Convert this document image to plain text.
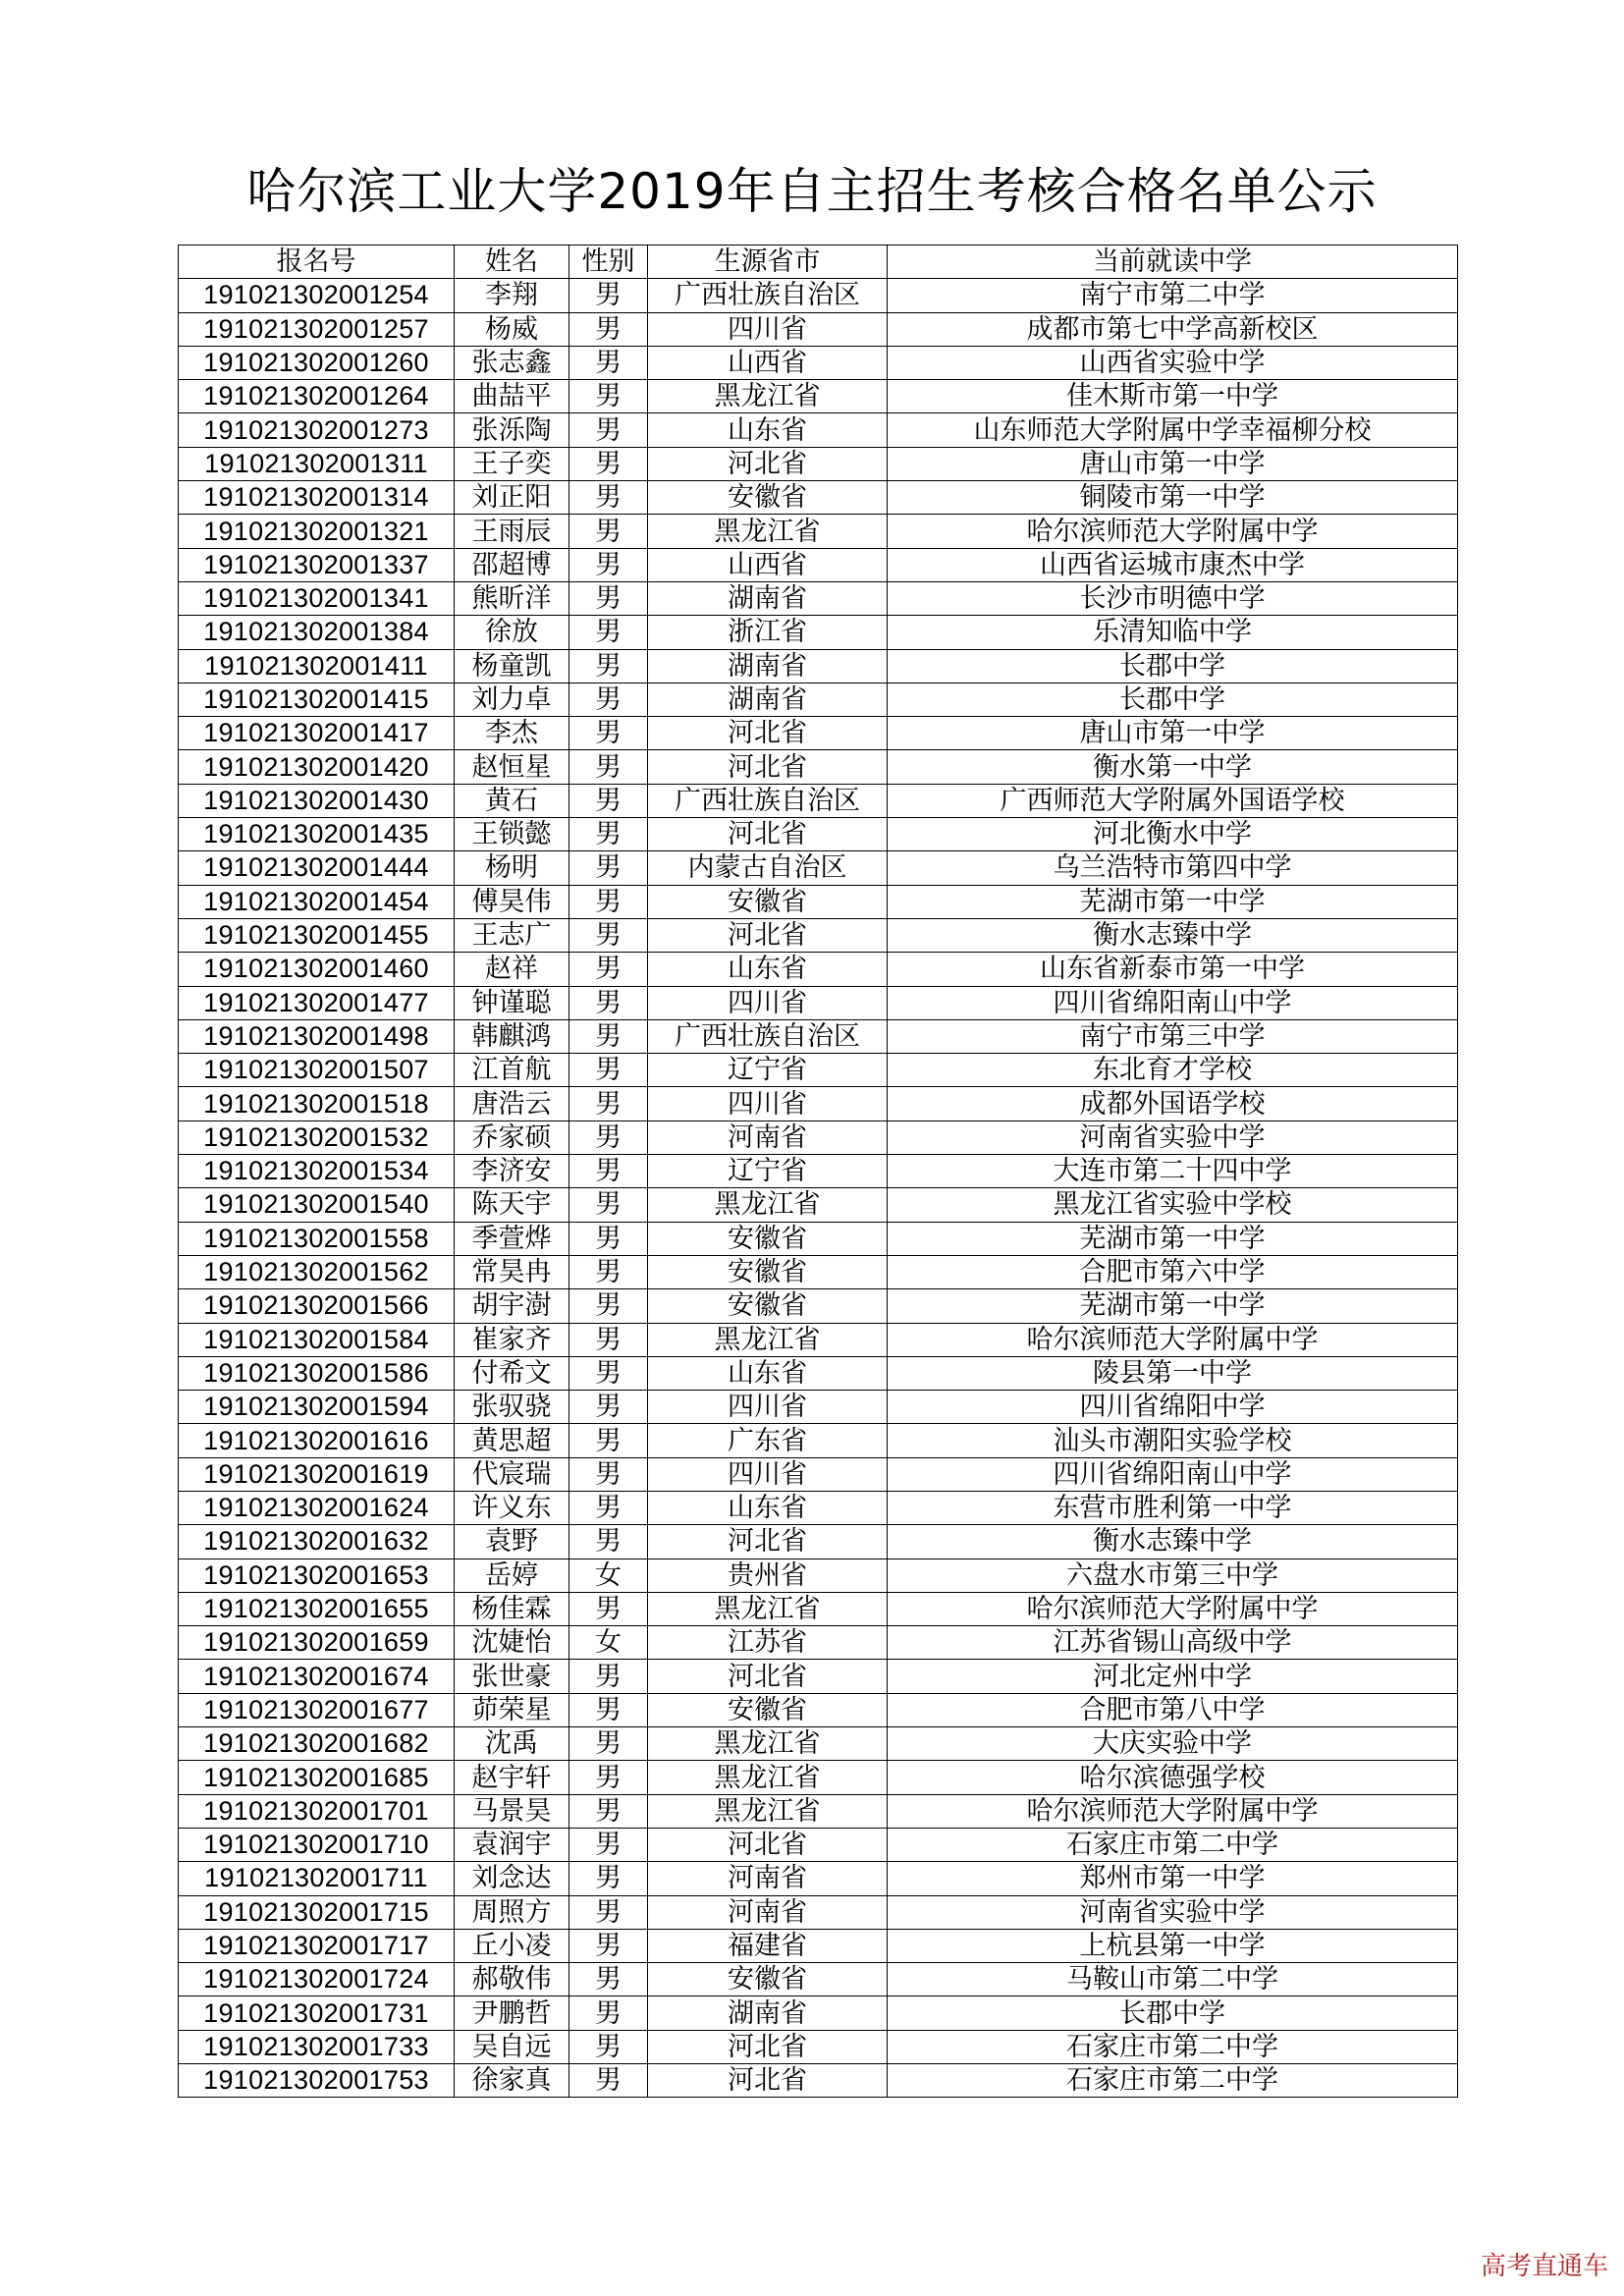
哈尔滨工业大学2019年自主招生考核合格名单公示
报名号	姓名	性别	生源省市	当前就读中学
191021302001254	李翔	男	广西壮族自治区	南宁市第二中学
191021302001257	杨威	男	四川省	成都市第七中学高新校区
191021302001260	张志鑫	男	山西省	山西省实验中学
191021302001264	曲喆平	男	黑龙江省	佳木斯市第一中学
191021302001273	张泺陶	男	山东省	山东师范大学附属中学幸福柳分校
191021302001311	王子奕	男	河北省	唐山市第一中学
191021302001314	刘正阳	男	安徽省	铜陵市第一中学
191021302001321	王雨辰	男	黑龙江省	哈尔滨师范大学附属中学
191021302001337	邵超博	男	山西省	山西省运城市康杰中学
191021302001341	熊昕洋	男	湖南省	长沙市明德中学
191021302001384	徐放	男	浙江省	乐清知临中学
191021302001411	杨童凯	男	湖南省	长郡中学
191021302001415	刘力卓	男	湖南省	长郡中学
191021302001417	李杰	男	河北省	唐山市第一中学
191021302001420	赵恒星	男	河北省	衡水第一中学
191021302001430	黄石	男	广西壮族自治区	广西师范大学附属外国语学校
191021302001435	王锁懿	男	河北省	河北衡水中学
191021302001444	杨明	男	内蒙古自治区	乌兰浩特市第四中学
191021302001454	傅昊伟	男	安徽省	芜湖市第一中学
191021302001455	王志广	男	河北省	衡水志臻中学
191021302001460	赵祥	男	山东省	山东省新泰市第一中学
191021302001477	钟谨聪	男	四川省	四川省绵阳南山中学
191021302001498	韩麒鸿	男	广西壮族自治区	南宁市第三中学
191021302001507	江首航	男	辽宁省	东北育才学校
191021302001518	唐浩云	男	四川省	成都外国语学校
191021302001532	乔家硕	男	河南省	河南省实验中学
191021302001534	李济安	男	辽宁省	大连市第二十四中学
191021302001540	陈天宇	男	黑龙江省	黑龙江省实验中学校
191021302001558	季萱烨	男	安徽省	芜湖市第一中学
191021302001562	常昊冉	男	安徽省	合肥市第六中学
191021302001566	胡宇澍	男	安徽省	芜湖市第一中学
191021302001584	崔家齐	男	黑龙江省	哈尔滨师范大学附属中学
191021302001586	付希文	男	山东省	陵县第一中学
191021302001594	张驭骁	男	四川省	四川省绵阳中学
191021302001616	黄思超	男	广东省	汕头市潮阳实验学校
191021302001619	代宸瑞	男	四川省	四川省绵阳南山中学
191021302001624	许义东	男	山东省	东营市胜利第一中学
191021302001632	袁野	男	河北省	衡水志臻中学
191021302001653	岳婷	女	贵州省	六盘水市第三中学
191021302001655	杨佳霖	男	黑龙江省	哈尔滨师范大学附属中学
191021302001659	沈婕怡	女	江苏省	江苏省锡山高级中学
191021302001674	张世豪	男	河北省	河北定州中学
191021302001677	茆荣星	男	安徽省	合肥市第八中学
191021302001682	沈禹	男	黑龙江省	大庆实验中学
191021302001685	赵宇轩	男	黑龙江省	哈尔滨德强学校
191021302001701	马景昊	男	黑龙江省	哈尔滨师范大学附属中学
191021302001710	袁润宇	男	河北省	石家庄市第二中学
191021302001711	刘念达	男	河南省	郑州市第一中学
191021302001715	周照方	男	河南省	河南省实验中学
191021302001717	丘小凌	男	福建省	上杭县第一中学
191021302001724	郝敬伟	男	安徽省	马鞍山市第二中学
191021302001731	尹鹏哲	男	湖南省	长郡中学
191021302001733	吴自远	男	河北省	石家庄市第二中学
191021302001753	徐家真	男	河北省	石家庄市第二中学
高考直通车
